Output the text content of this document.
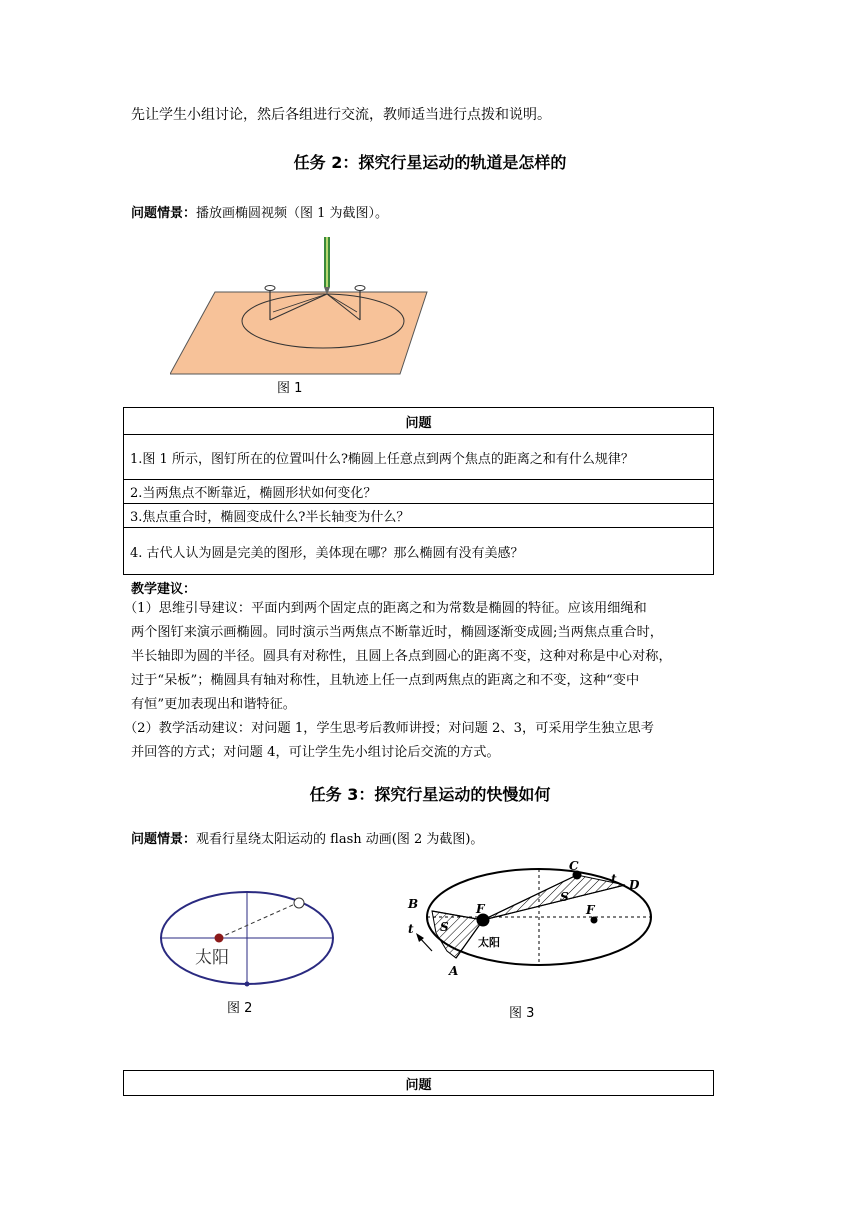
先让学生小组讨论，然后各组进行交流，教师适当进行点拨和说明。
任务 2：探究行星运动的轨道是怎样的
问题情景：播放画椭圆视频（图 1 为截图）。
图 1
问题
1.图 1 所示，图钉所在的位置叫什么?椭圆上任意点到两个焦点的距离之和有什么规律？
2.当两焦点不断靠近，椭圆形状如何变化？
3.焦点重合时，椭圆变成什么?半长轴变为什么？
4. 古代人认为圆是完美的图形，美体现在哪？那么椭圆有没有美感？
教学建议：
（1）思维引导建议：平面内到两个固定点的距离之和为常数是椭圆的特征。应该用细绳和
两个图钉来演示画椭圆。同时演示当两焦点不断靠近时，椭圆逐渐变成圆;当两焦点重合时，
半长轴即为圆的半径。圆具有对称性，且圆上各点到圆心的距离不变，这种对称是中心对称，
过于“呆板”；椭圆具有轴对称性，且轨迹上任一点到两焦点的距离之和不变，这种“变中
有恒”更加表现出和谐特征。
（2）教学活动建议：对问题 1，学生思考后教师讲授；对问题 2、3，可采用学生独立思考
并回答的方式；对问题 4，可让学生先小组讨论后交流的方式。
任务 3：探究行星运动的快慢如何
问题情景：观看行星绕太阳运动的 flash 动画(图 2 为截图)。
太阳
图 2
C
D
B
A
F	F
t
t
S
S
太阳
图 3
问题
